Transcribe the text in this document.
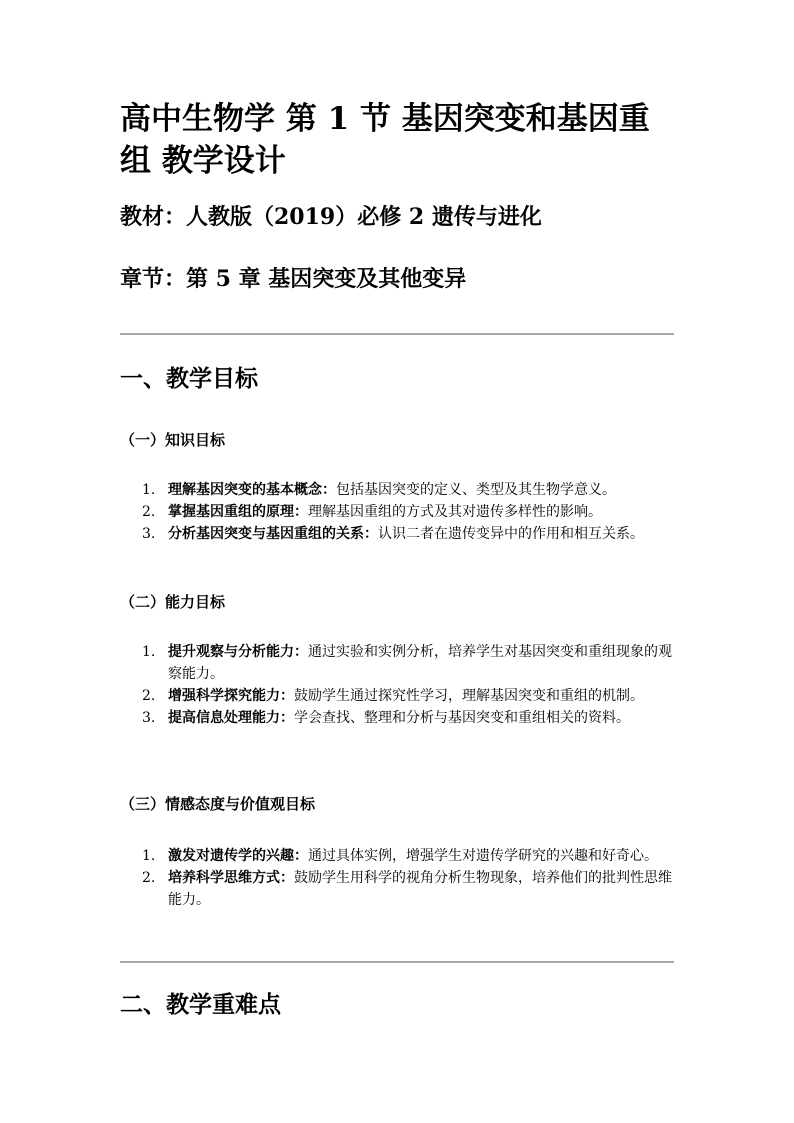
高中生物学 第 1 节 基因突变和基因重组 教学设计

教材：人教版（2019）必修 2 遗传与进化

章节：第 5 章 基因突变及其他变异

一、教学目标
（一）知识目标
1. 理解基因突变的基本概念：包括基因突变的定义、类型及其生物学意义。
2. 掌握基因重组的原理：理解基因重组的方式及其对遗传多样性的影响。
3. 分析基因突变与基因重组的关系：认识二者在遗传变异中的作用和相互关系。
（二）能力目标
1. 提升观察与分析能力：通过实验和实例分析，培养学生对基因突变和重组现象的观察能力。
2. 增强科学探究能力：鼓励学生通过探究性学习，理解基因突变和重组的机制。
3. 提高信息处理能力：学会查找、整理和分析与基因突变和重组相关的资料。
（三）情感态度与价值观目标
1. 激发对遗传学的兴趣：通过具体实例，增强学生对遗传学研究的兴趣和好奇心。
2. 培养科学思维方式：鼓励学生用科学的视角分析生物现象，培养他们的批判性思维能力。
二、教学重难点
